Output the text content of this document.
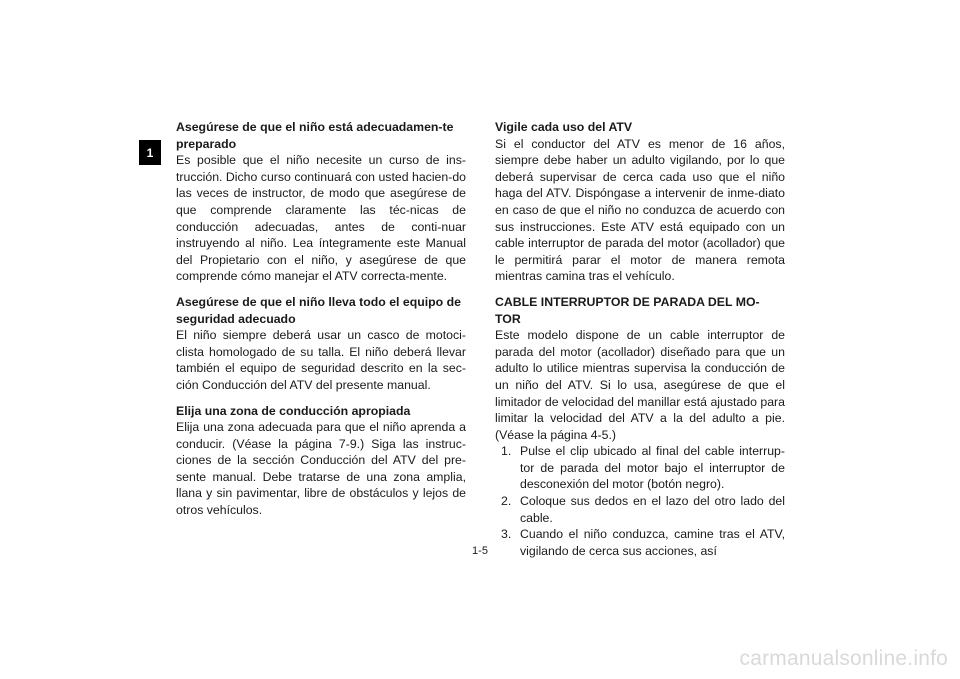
1
Asegúrese de que el niño está adecuadamen-te preparado

Es posible que el niño necesite un curso de ins-trucción. Dicho curso continuará con usted hacien-do las veces de instructor, de modo que asegúrese de que comprende claramente las téc-nicas de conducción adecuadas, antes de conti-nuar instruyendo al niño. Lea íntegramente este Manual del Propietario con el niño, y asegúrese de que comprende cómo manejar el ATV correcta-mente.

Asegúrese de que el niño lleva todo el equipo de seguridad adecuado

El niño siempre deberá usar un casco de motoci-clista homologado de su talla. El niño deberá llevar también el equipo de seguridad descrito en la sec-ción Conducción del ATV del presente manual.

Elija una zona de conducción apropiada

Elija una zona adecuada para que el niño aprenda a conducir. (Véase la página 7-9.) Siga las instruc-ciones de la sección Conducción del ATV del pre-sente manual. Debe tratarse de una zona amplia, llana y sin pavimentar, libre de obstáculos y lejos de otros vehículos.

Vigile cada uso del ATV

Si el conductor del ATV es menor de 16 años, siempre debe haber un adulto vigilando, por lo que deberá supervisar de cerca cada uso que el niño haga del ATV. Dispóngase a intervenir de inme-diato en caso de que el niño no conduzca de acuerdo con sus instrucciones. Este ATV está equipado con un cable interruptor de parada del motor (acollador) que le permitirá parar el motor de manera remota mientras camina tras el vehículo.

CABLE INTERRUPTOR DE PARADA DEL MO-TOR

Este modelo dispone de un cable interruptor de parada del motor (acollador) diseñado para que un adulto lo utilice mientras supervisa la conducción de un niño del ATV. Si lo usa, asegúrese de que el limitador de velocidad del manillar está ajustado para limitar la velocidad del ATV a la del adulto a pie. (Véase la página 4-5.)

1. Pulse el clip ubicado al final del cable interrup-tor de parada del motor bajo el interruptor de desconexión del motor (botón negro).
2. Coloque sus dedos en el lazo del otro lado del cable.
3. Cuando el niño conduzca, camine tras el ATV, vigilando de cerca sus acciones, así
1-5
carmanualsonline.info
